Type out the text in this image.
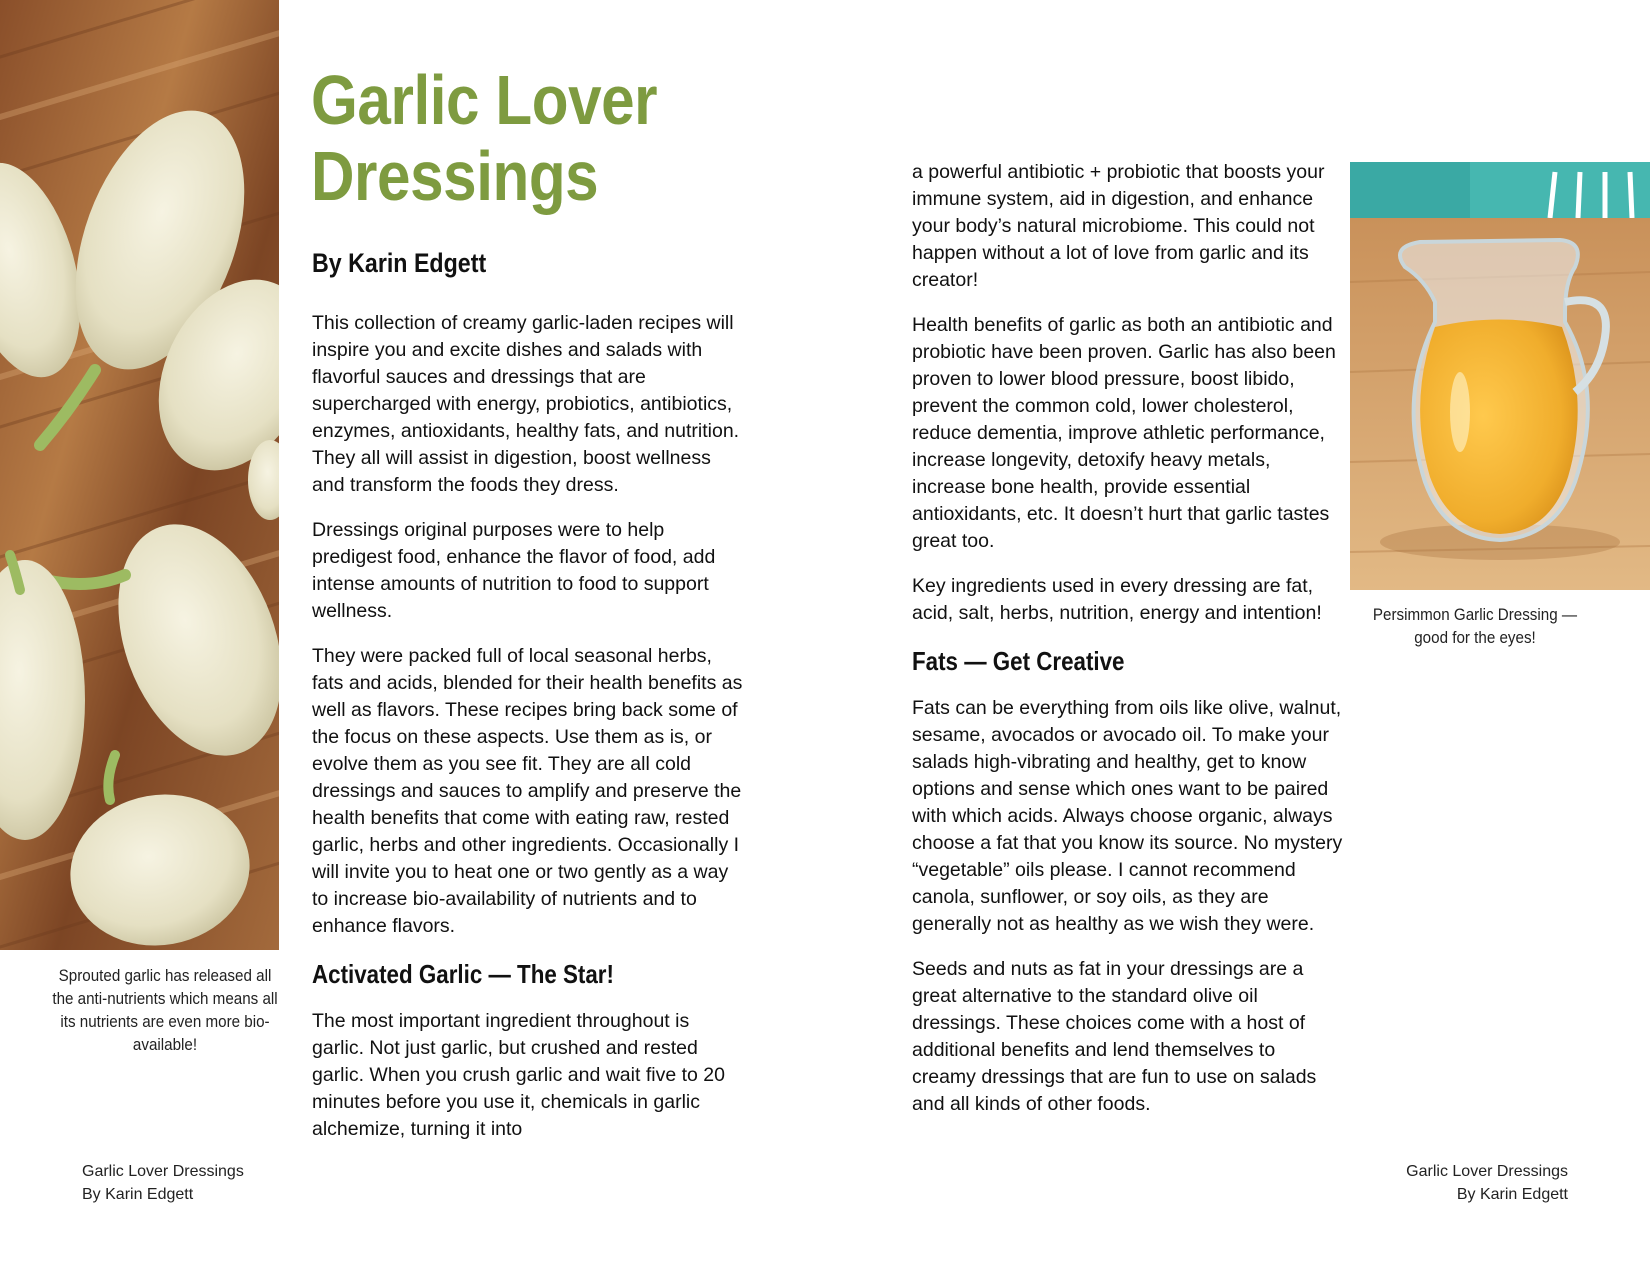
Sprouted garlic has released all the anti-nutrients which means all its nutrients are even more bio-available!
Garlic Lover
Dressings
By Karin Edgett

This collection of creamy garlic-laden recipes will inspire you and excite dishes and salads with flavorful sauces and dressings that are supercharged with energy, probiotics, antibiotics, enzymes, antioxidants, healthy fats, and nutrition. They all will assist in digestion, boost wellness and transform the foods they dress.

Dressings original purposes were to help predigest food, enhance the flavor of food, add intense amounts of nutrition to food to support wellness.

They were packed full of local seasonal herbs, fats and acids, blended for their health benefits as well as flavors. These recipes bring back some of the focus on these aspects. Use them as is, or evolve them as you see fit. They are all cold dressings and sauces to amplify and preserve the health benefits that come with eating raw, rested garlic, herbs and other ingredients. Occasionally I will invite you to heat one or two gently as a way to increase bio-availability of nutrients and to enhance flavors.

Activated Garlic — The Star!

The most important ingredient throughout is garlic. Not just garlic, but crushed and rested garlic. When you crush garlic and wait five to 20 minutes before you use it, chemicals in garlic alchemize, turning it into

a powerful antibiotic + probiotic that boosts your immune system, aid in digestion, and enhance your body’s natural microbiome. This could not happen without a lot of love from garlic and its creator!

Health benefits of garlic as both an antibiotic and probiotic have been proven. Garlic has also been proven to lower blood pressure, boost libido, prevent the common cold, lower cholesterol, reduce dementia, improve athletic performance, increase longevity, detoxify heavy metals, increase bone health, provide essential antioxidants, etc. It doesn’t hurt that garlic tastes great too.

Key ingredients used in every dressing are fat, acid, salt, herbs, nutrition, energy and intention!

Fats — Get Creative

Fats can be everything from oils like olive, walnut, sesame, avocados or avocado oil. To make your salads high-vibrating and healthy, get to know options and sense which ones want to be paired with which acids. Always choose organic, always choose a fat that you know its source. No mystery “vegetable” oils please. I cannot recommend canola, sunflower, or soy oils, as they are generally not as healthy as we wish they were.

Seeds and nuts as fat in your dressings are a great alternative to the standard olive oil dressings. These choices come with a host of additional benefits and lend themselves to creamy dressings that are fun to use on salads and all kinds of other foods.

Persimmon Garlic Dressing — good for the eyes!
Garlic Lover Dressings
By Karin Edgett
Garlic Lover Dressings
By Karin Edgett
